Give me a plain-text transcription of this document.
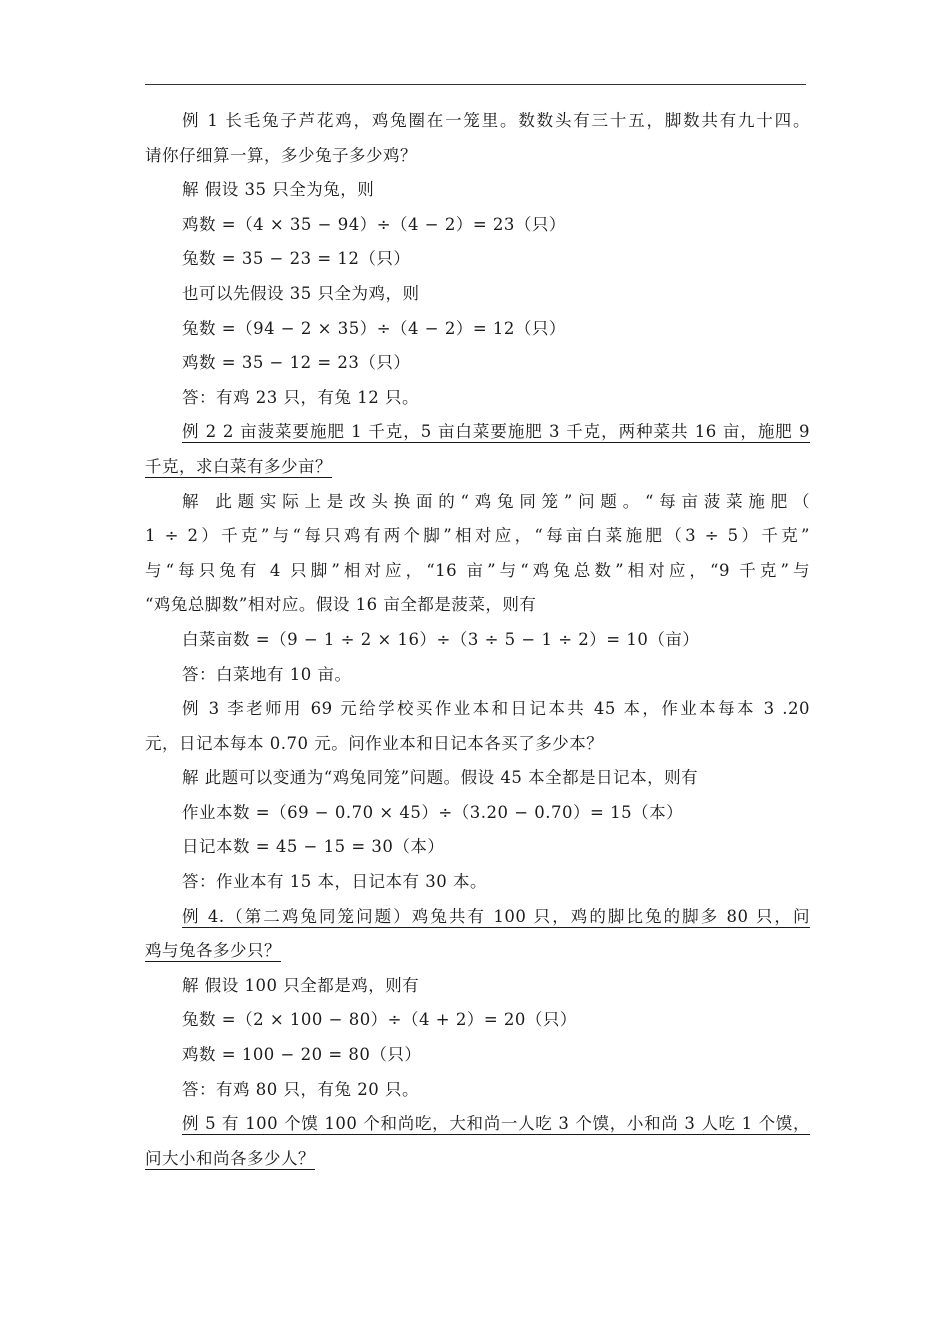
例 1 长毛兔子芦花鸡，鸡兔圈在一笼里。数数头有三十五，脚数共有九十四。

请你仔细算一算，多少兔子多少鸡？

解 假设 35 只全为兔，则

鸡数 =（4 × 35 − 94）÷（4 − 2）= 23（只）

兔数 = 35 − 23 = 12（只）

也可以先假设 35 只全为鸡，则

兔数 =（94 − 2 × 35）÷（4 − 2）= 12（只）

鸡数 = 35 − 12 = 23（只）

答：有鸡 23 只，有兔 12 只。

例 2 2 亩菠菜要施肥 1 千克，5 亩白菜要施肥 3 千克，两种菜共 16 亩，施肥 9

千克，求白菜有多少亩？

解 此题实际上是改头换面的“鸡兔同笼”问题。“每亩菠菜施肥（

1 ÷ 2）千克”与“每只鸡有两个脚”相对应，“每亩白菜施肥（3 ÷ 5）千克”

与“每只兔有 4 只脚”相对应，“16 亩”与“鸡兔总数”相对应，“9 千克”与

“鸡兔总脚数”相对应。假设 16 亩全都是菠菜，则有

白菜亩数 =（9 − 1 ÷ 2 × 16）÷（3 ÷ 5 − 1 ÷ 2）= 10（亩）

答：白菜地有 10 亩。

例 3 李老师用 69 元给学校买作业本和日记本共 45 本，作业本每本 3 .20

元，日记本每本 0.70 元。问作业本和日记本各买了多少本？

解 此题可以变通为“鸡兔同笼”问题。假设 45 本全都是日记本，则有

作业本数 =（69 − 0.70 × 45）÷（3.20 − 0.70）= 15（本）

日记本数 = 45 − 15 = 30（本）

答：作业本有 15 本，日记本有 30 本。

例 4.（第二鸡兔同笼问题）鸡兔共有 100 只，鸡的脚比兔的脚多 80 只，问

鸡与兔各多少只？

解 假设 100 只全都是鸡，则有

兔数 =（2 × 100 − 80）÷（4 + 2）= 20（只）

鸡数 = 100 − 20 = 80（只）

答：有鸡 80 只，有兔 20 只。

例 5 有 100 个馍 100 个和尚吃，大和尚一人吃 3 个馍，小和尚 3 人吃 1 个馍，

问大小和尚各多少人？
